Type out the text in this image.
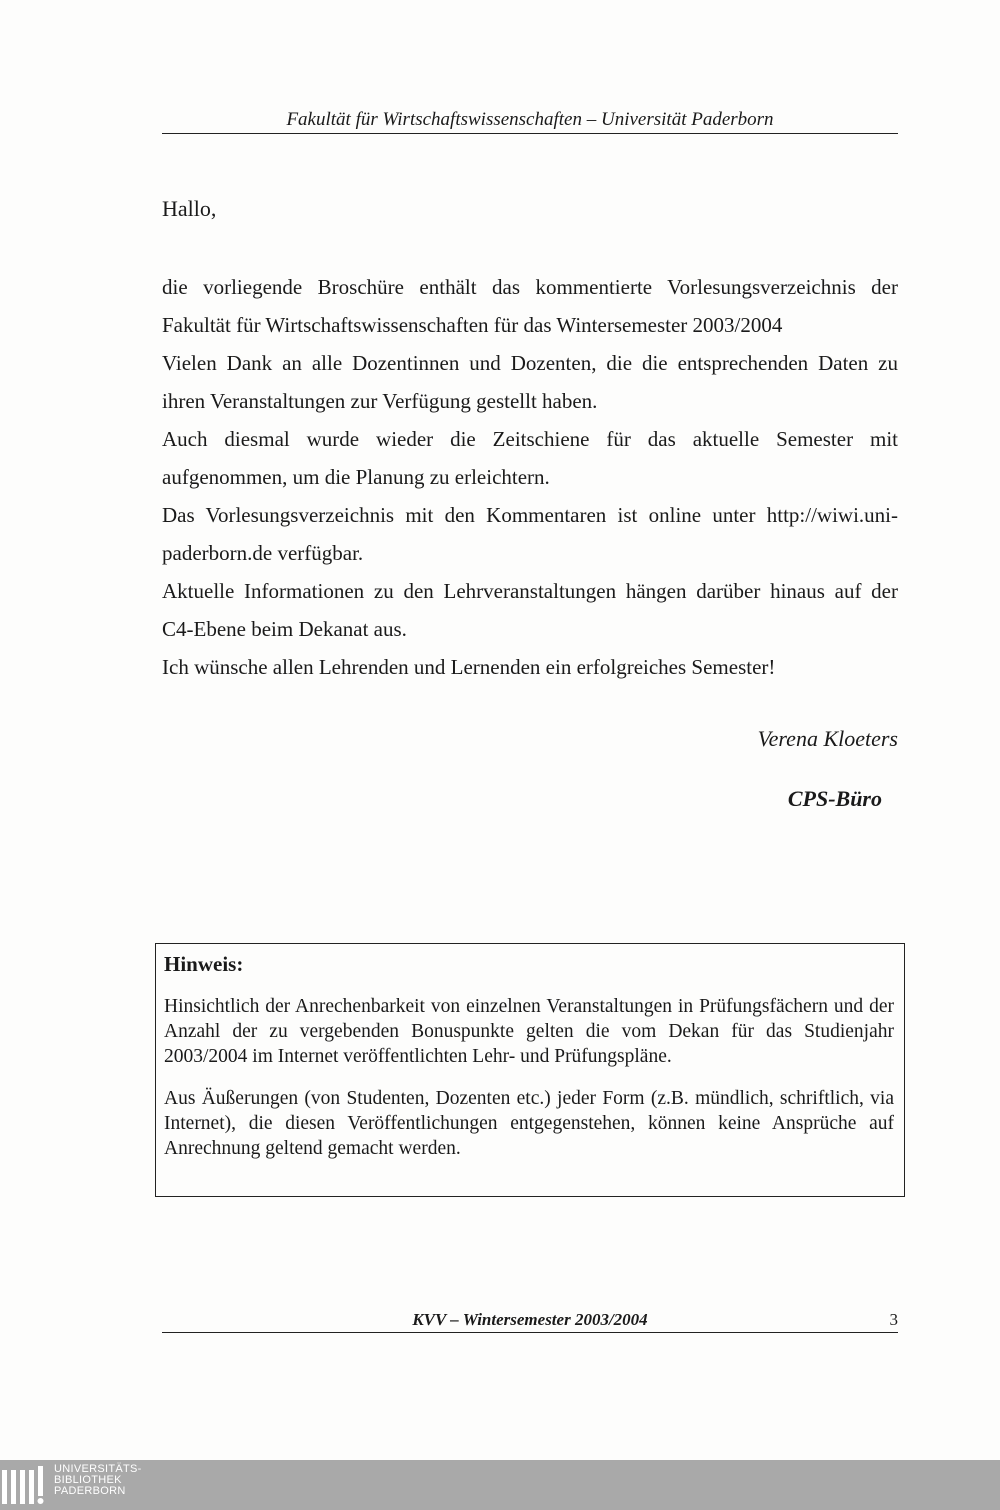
Fakultät für Wirtschaftswissenschaften – Universität Paderborn
Hallo,

die vorliegende Broschüre enthält das kommentierte Vorlesungsverzeichnis der

Fakultät für Wirtschaftswissenschaften für das Wintersemester 2003/2004

Vielen Dank an alle Dozentinnen und Dozenten, die die entsprechenden Daten zu

ihren Veranstaltungen zur Verfügung gestellt haben.

Auch diesmal wurde wieder die Zeitschiene für das aktuelle Semester mit

aufgenommen, um die Planung zu erleichtern.

Das Vorlesungsverzeichnis mit den Kommentaren ist online unter http://wiwi.uni-

paderborn.de verfügbar.

Aktuelle Informationen zu den Lehrveranstaltungen hängen darüber hinaus auf der

C4-Ebene beim Dekanat aus.

Ich wünsche allen Lehrenden und Lernenden ein erfolgreiches Semester!

Verena Kloeters
CPS-Büro
Hinweis:

Hinsichtlich der Anrechenbarkeit von einzelnen Veranstaltungen in Prüfungsfächern und der Anzahl der zu vergebenden Bonuspunkte gelten die vom Dekan für das Studienjahr 2003/2004 im Internet veröffentlichten Lehr- und Prüfungspläne.

Aus Äußerungen (von Studenten, Dozenten etc.) jeder Form (z.B. mündlich, schriftlich, via Internet), die diesen Veröffentlichungen entgegenstehen, können keine Ansprüche auf Anrechnung geltend gemacht werden.

KVV – Wintersemester 2003/2004	3
UNIVERSITÄTS-
BIBLIOTHEK
PADERBORN
